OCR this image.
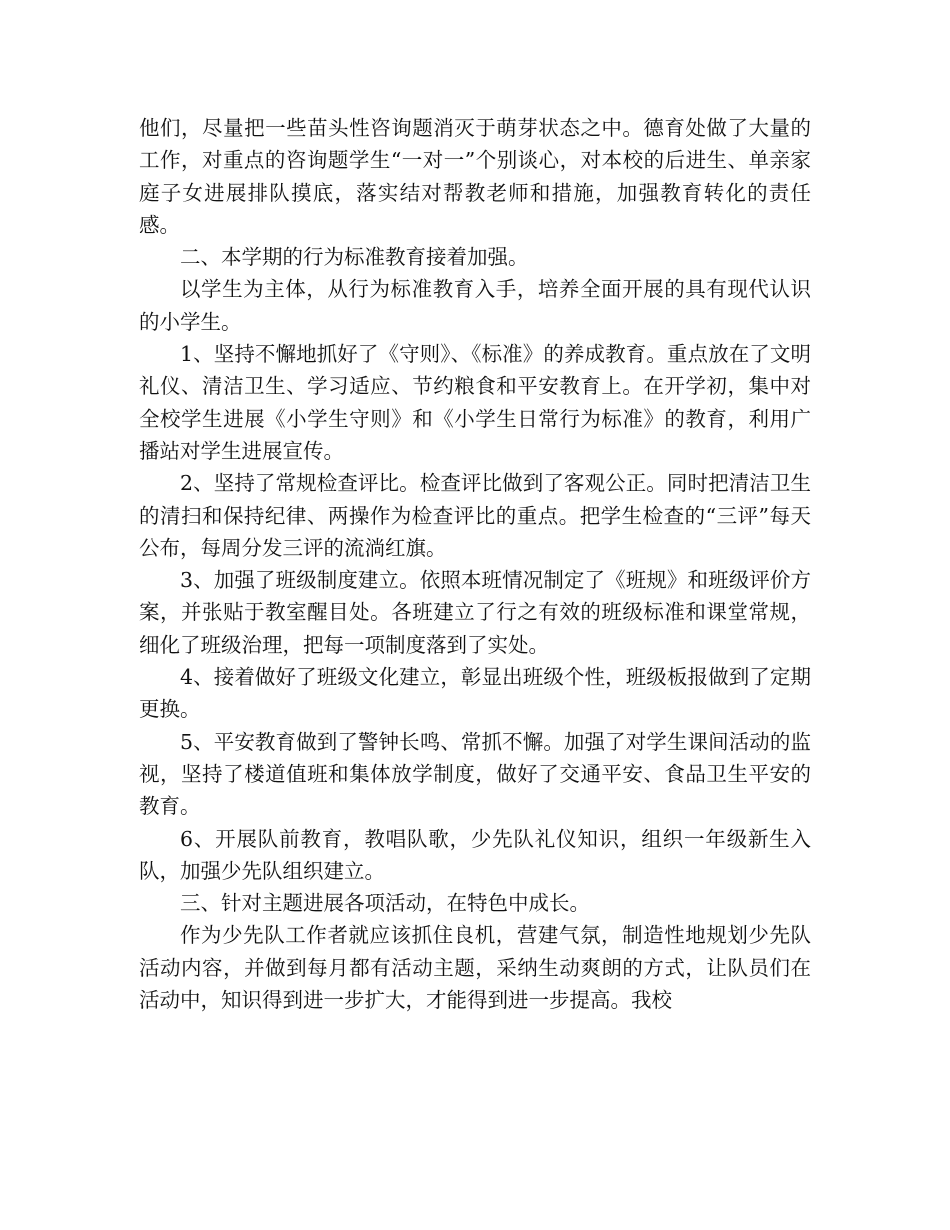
他们，尽量把一些苗头性咨询题消灭于萌芽状态之中。德育处做了大量的工作，对重点的咨询题学生“一对一”个别谈心，对本校的后进生、单亲家庭子女进展排队摸底，落实结对帮教老师和措施，加强教育转化的责任感。

二、本学期的行为标准教育接着加强。

以学生为主体，从行为标准教育入手，培养全面开展的具有现代认识的小学生。

1、坚持不懈地抓好了《守则》、《标准》的养成教育。重点放在了文明礼仪、清洁卫生、学习适应、节约粮食和平安教育上。在开学初，集中对全校学生进展《小学生守则》和《小学生日常行为标准》的教育，利用广播站对学生进展宣传。

2、坚持了常规检查评比。检查评比做到了客观公正。同时把清洁卫生的清扫和保持纪律、两操作为检查评比的重点。把学生检查的“三评”每天公布，每周分发三评的流淌红旗。

3、加强了班级制度建立。依照本班情况制定了《班规》和班级评价方案，并张贴于教室醒目处。各班建立了行之有效的班级标准和课堂常规，细化了班级治理，把每一项制度落到了实处。

4、接着做好了班级文化建立，彰显出班级个性，班级板报做到了定期更换。

5、平安教育做到了警钟长鸣、常抓不懈。加强了对学生课间活动的监视，坚持了楼道值班和集体放学制度，做好了交通平安、食品卫生平安的教育。

6、开展队前教育，教唱队歌，少先队礼仪知识，组织一年级新生入队，加强少先队组织建立。

三、针对主题进展各项活动，在特色中成长。

作为少先队工作者就应该抓住良机，营建气氛，制造性地规划少先队活动内容，并做到每月都有活动主题，采纳生动爽朗的方式，让队员们在活动中，知识得到进一步扩大，才能得到进一步提高。我校
